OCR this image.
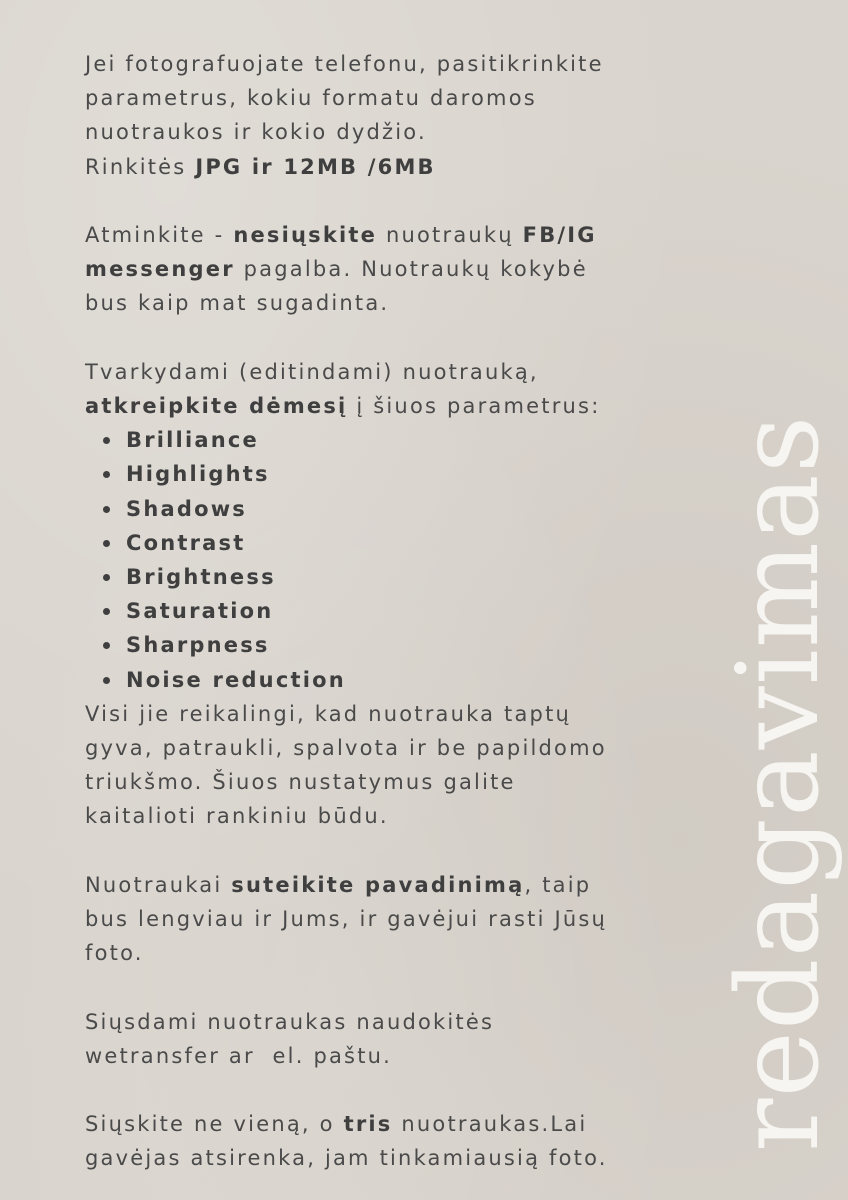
Jei fotografuojate telefonu, pasitikrinkite
parametrus, kokiu formatu daromos
nuotraukos ir kokio dydžio.
Rinkitės JPG ir 12MB /6MB

Atminkite - nesiųskite nuotraukų FB/IG
messenger pagalba. Nuotraukų kokybė
bus kaip mat sugadinta.

Tvarkydami (editindami) nuotrauką,
atkreipkite dėmesį į šiuos parametrus:

Brilliance
Highlights
Shadows
Contrast
Brightness
Saturation
Sharpness
Noise reduction

Visi jie reikalingi, kad nuotrauka taptų
gyva, patraukli, spalvota ir be papildomo
triukšmo. Šiuos nustatymus galite
kaitalioti rankiniu būdu.

Nuotraukai suteikite pavadinimą, taip
bus lengviau ir Jums, ir gavėjui rasti Jūsų
foto.

Siųsdami nuotraukas naudokitės
wetransfer ar  el. paštu.

Siųskite ne vieną, o tris nuotraukas.Lai
gavėjas atsirenka, jam tinkamiausią foto.

redagavimas
